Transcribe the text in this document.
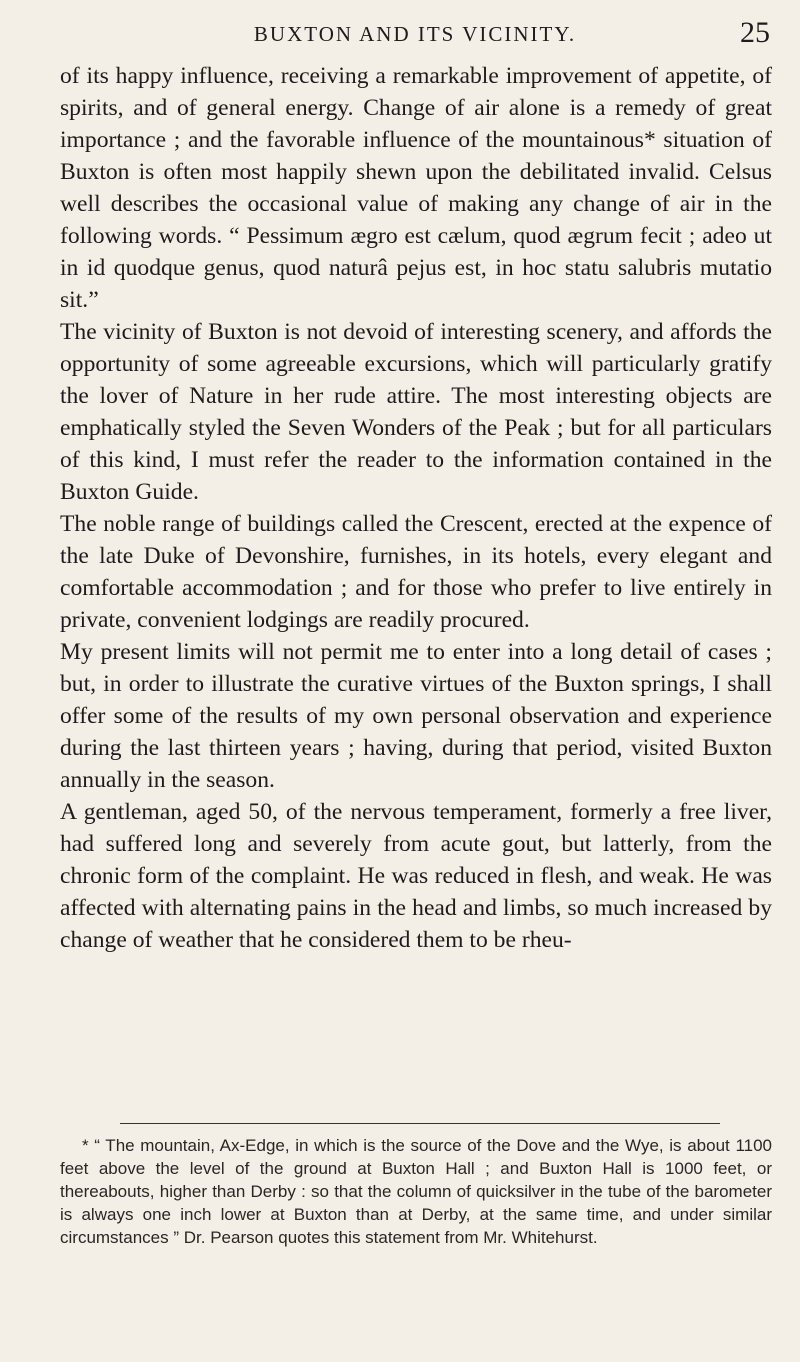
BUXTON AND ITS VICINITY.	25

of its happy influence, receiving a remarkable improvement of appetite, of spirits, and of general energy. Change of air alone is a remedy of great importance ; and the favorable influence of the mountainous* situation of Buxton is often most happily shewn upon the debilitated invalid. Celsus well describes the occasional value of making any change of air in the following words. “ Pessimum ægro est cælum, quod ægrum fecit ; adeo ut in id quodque genus, quod naturâ pejus est, in hoc statu salubris mutatio sit.”

The vicinity of Buxton is not devoid of interesting scenery, and affords the opportunity of some agreeable excursions, which will particularly gratify the lover of Nature in her rude attire. The most interesting objects are emphatically styled the Seven Wonders of the Peak ; but for all particulars of this kind, I must refer the reader to the information contained in the Buxton Guide.

The noble range of buildings called the Crescent, erected at the expence of the late Duke of Devonshire, furnishes, in its hotels, every elegant and comfortable accommodation ; and for those who prefer to live entirely in private, convenient lodgings are readily procured.

My present limits will not permit me to enter into a long detail of cases ; but, in order to illustrate the curative virtues of the Buxton springs, I shall offer some of the results of my own personal observation and experience during the last thirteen years ; having, during that period, visited Buxton annually in the season.

A gentleman, aged 50, of the nervous temperament, formerly a free liver, had suffered long and severely from acute gout, but latterly, from the chronic form of the complaint. He was reduced in flesh, and weak. He was affected with alternating pains in the head and limbs, so much increased by change of weather that he considered them to be rheu-

* “ The mountain, Ax-Edge, in which is the source of the Dove and the Wye, is about 1100 feet above the level of the ground at Buxton Hall ; and Buxton Hall is 1000 feet, or thereabouts, higher than Derby : so that the column of quicksilver in the tube of the barometer is always one inch lower at Buxton than at Derby, at the same time, and under similar circumstances ” Dr. Pearson quotes this statement from Mr. Whitehurst.
